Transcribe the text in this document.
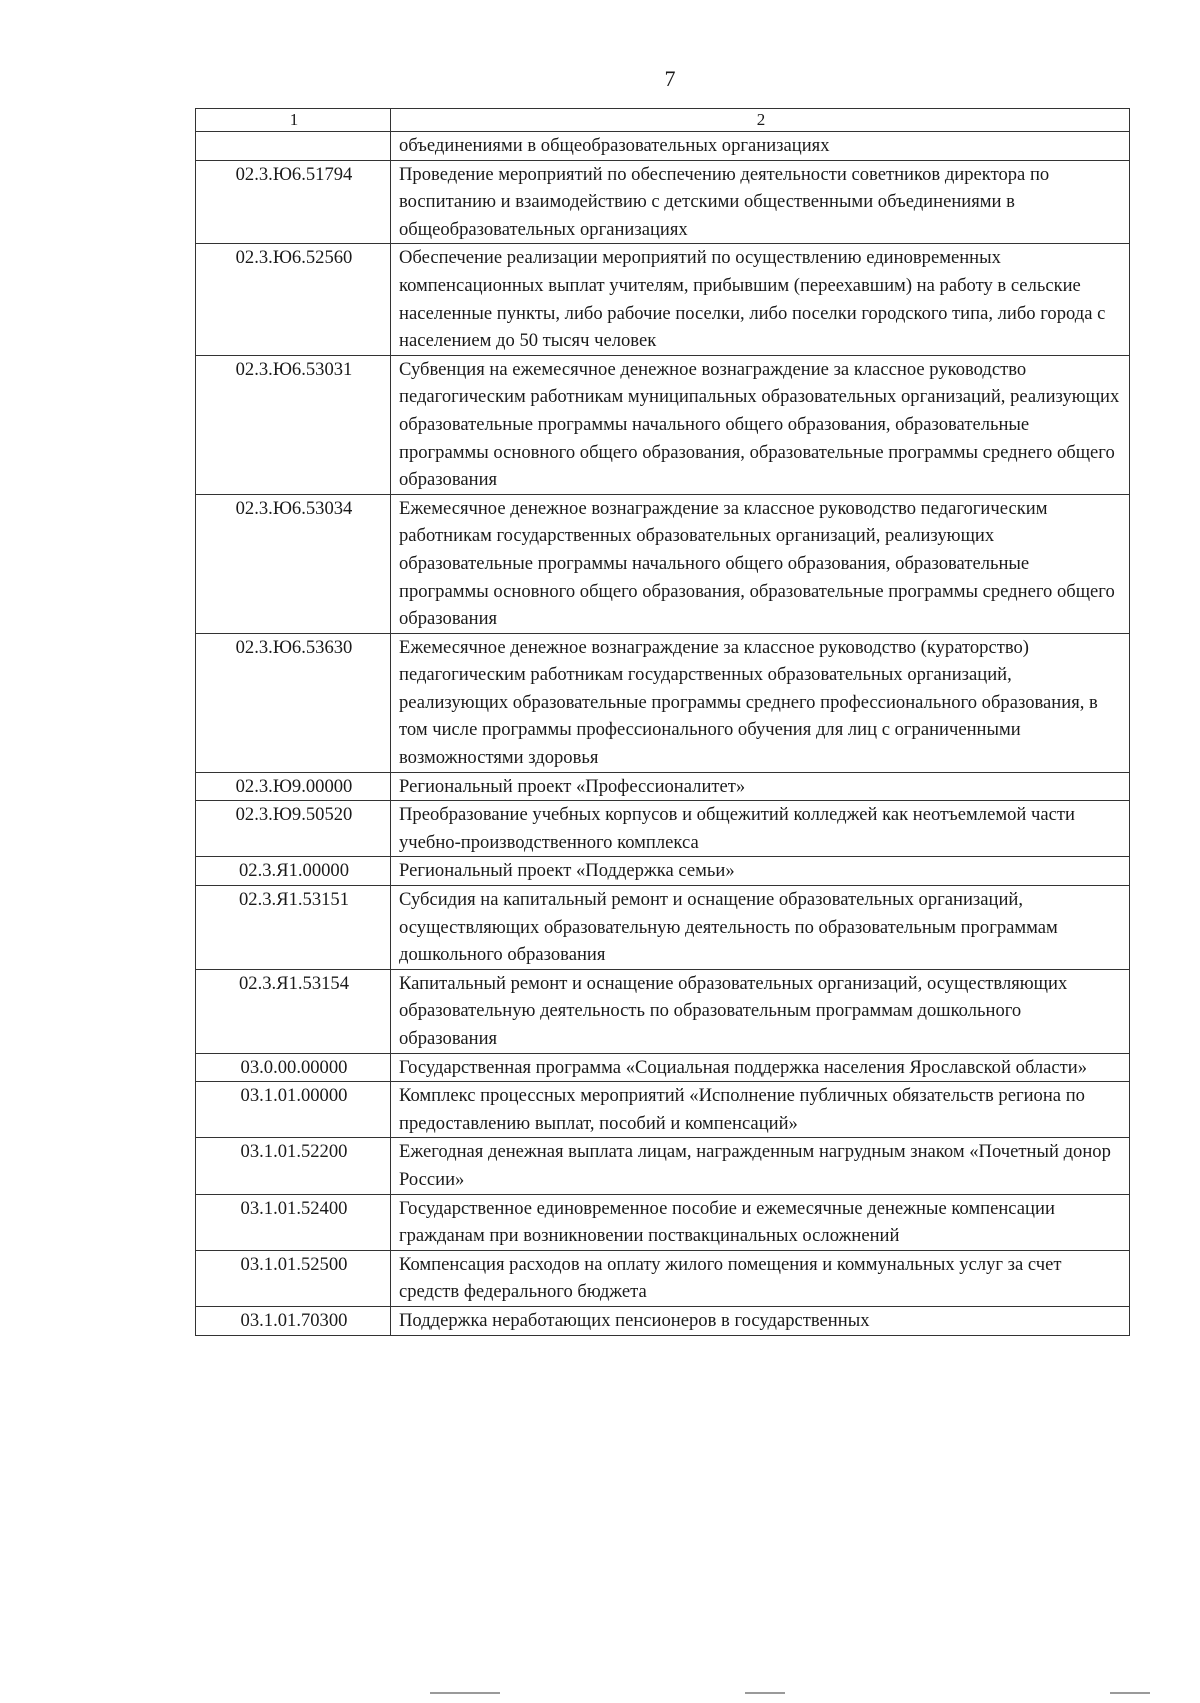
7
1	2
	объединениями в общеобразовательных организациях
02.3.Ю6.51794	Проведение мероприятий по обеспечению деятельности советников директора по воспитанию и взаимодействию с детскими общественными объединениями в общеобразовательных организациях
02.3.Ю6.52560	Обеспечение реализации мероприятий по осуществлению единовременных компенсационных выплат учителям, прибывшим (переехавшим) на работу в сельские населенные пункты, либо рабочие поселки, либо поселки городского типа, либо города с населением до 50 тысяч человек
02.3.Ю6.53031	Субвенция на ежемесячное денежное вознаграждение за классное руководство педагогическим работникам муниципальных образовательных организаций, реализующих образовательные программы начального общего образования, образовательные программы основного общего образования, образовательные программы среднего общего образования
02.3.Ю6.53034	Ежемесячное денежное вознаграждение за классное руководство педагогическим работникам государственных образовательных организаций, реализующих образовательные программы начального общего образования, образовательные программы основного общего образования, образовательные программы среднего общего образования
02.3.Ю6.53630	Ежемесячное денежное вознаграждение за классное руководство (кураторство) педагогическим работникам государственных образовательных организаций, реализующих образовательные программы среднего профессионального образования, в том числе программы профессионального обучения для лиц с ограниченными возможностями здоровья
02.3.Ю9.00000	Региональный проект «Профессионалитет»
02.3.Ю9.50520	Преобразование учебных корпусов и общежитий колледжей как неотъемлемой части учебно-производственного комплекса
02.3.Я1.00000	Региональный проект «Поддержка семьи»
02.3.Я1.53151	Субсидия на капитальный ремонт и оснащение образовательных организаций, осуществляющих образовательную деятельность по образовательным программам дошкольного образования
02.3.Я1.53154	Капитальный ремонт и оснащение образовательных организаций, осуществляющих образовательную деятельность по образовательным программам дошкольного образования
03.0.00.00000	Государственная программа «Социальная поддержка населения Ярославской области»
03.1.01.00000	Комплекс процессных мероприятий «Исполнение публичных обязательств региона по предоставлению выплат, пособий и компенсаций»
03.1.01.52200	Ежегодная денежная выплата лицам, награжденным нагрудным знаком «Почетный донор России»
03.1.01.52400	Государственное единовременное пособие и ежемесячные денежные компенсации гражданам при возникновении поствакцинальных осложнений
03.1.01.52500	Компенсация расходов на оплату жилого помещения и коммунальных услуг за счет средств федерального бюджета
03.1.01.70300	Поддержка неработающих пенсионеров в государственных
